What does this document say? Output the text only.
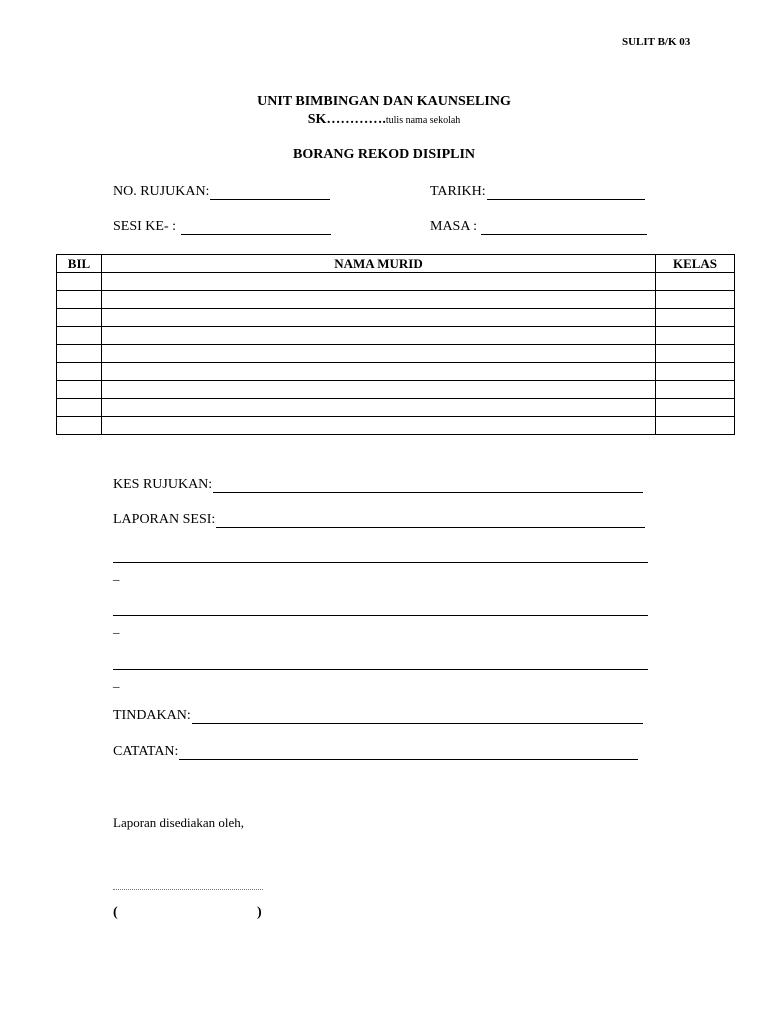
SULIT B/K 03
UNIT BIMBINGAN DAN KAUNSELING
SK………….tulis nama sekolah
BORANG REKOD DISIPLIN
NO. RUJUKAN:	TARIKH:
SESI KE- :	MASA :
BIL	NAMA MURID	KELAS

KES RUJUKAN:
LAPORAN SESI:
_
_
_
TINDAKAN:
CATATAN:
Laporan disediakan oleh,
(	)
